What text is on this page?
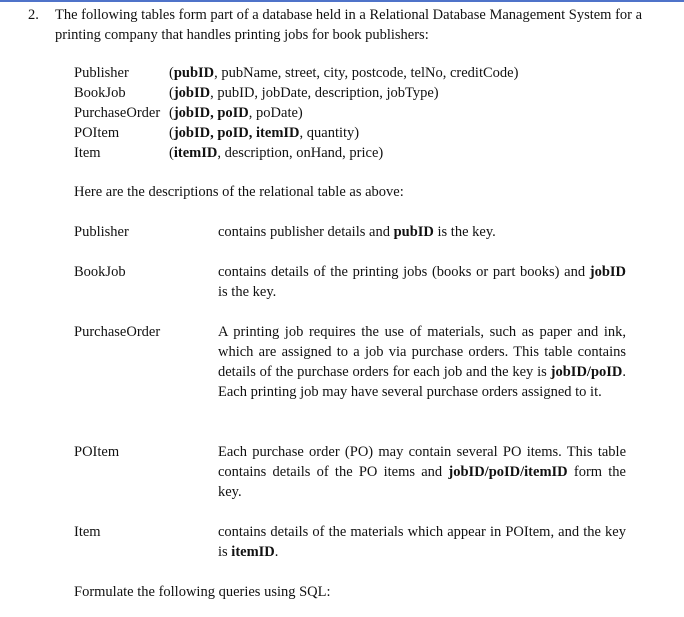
2. The following tables form part of a database held in a Relational Database Management System for a printing company that handles printing jobs for book publishers:
Publisher	(pubID, pubName, street, city, postcode, telNo, creditCode)
BookJob	(jobID, pubID, jobDate, description, jobType)
PurchaseOrder (jobID, poID, poDate)
POItem	(jobID, poID, itemID, quantity)
Item	(itemID, description, onHand, price)
Here are the descriptions of the relational table as above:
Publisher	contains publisher details and pubID is the key.
BookJob	contains details of the printing jobs (books or part books) and jobID is the key.
PurchaseOrder	A printing job requires the use of materials, such as paper and ink, which are assigned to a job via purchase orders. This table contains details of the purchase orders for each job and the key is jobID/poID. Each printing job may have several purchase orders assigned to it.
POItem	Each purchase order (PO) may contain several PO items. This table contains details of the PO items and jobID/poID/itemID form the key.
Item	contains details of the materials which appear in POItem, and the key is itemID.
Formulate the following queries using SQL:
